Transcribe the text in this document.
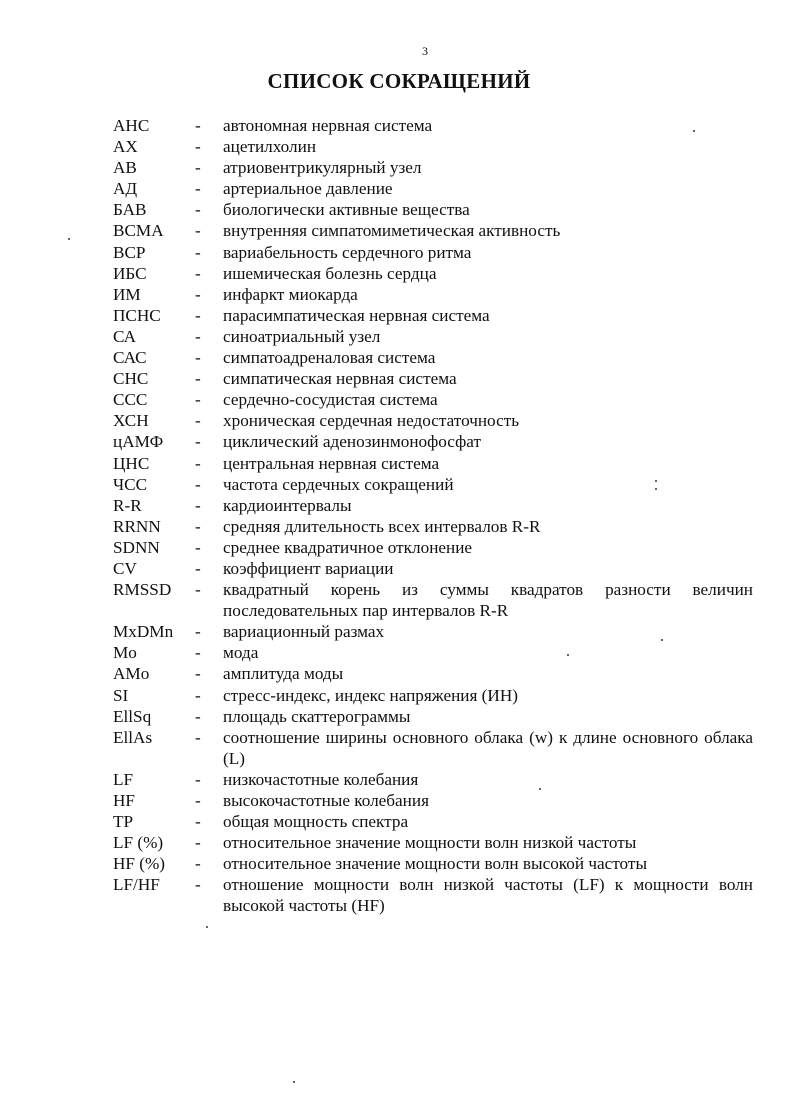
3
СПИСОК СОКРАЩЕНИЙ
АНС	-	автономная нервная система
АХ	-	ацетилхолин
АВ	-	атриовентрикулярный узел
АД	-	артериальное давление
БАВ	-	биологически активные вещества
ВСМА	-	внутренняя симпатомиметическая активность
ВСР	-	вариабельность сердечного ритма
ИБС	-	ишемическая болезнь сердца
ИМ	-	инфаркт миокарда
ПСНС	-	парасимпатическая нервная система
СА	-	синоатриальный узел
САС	-	симпатоадреналовая система
СНС	-	симпатическая нервная система
ССС	-	сердечно-сосудистая система
ХСН	-	хроническая сердечная недостаточность
цАМФ	-	циклический аденозинмонофосфат
ЦНС	-	центральная нервная система
ЧСС	-	частота сердечных сокращений
R-R	-	кардиоинтервалы
RRNN	-	средняя длительность всех интервалов R-R
SDNN	-	среднее квадратичное отклонение
CV	-	коэффициент вариации
RMSSD	-	квадратный корень из суммы квадратов разности величин последовательных пар интервалов R-R
MxDMn	-	вариационный размах
Mo	-	мода
AMo	-	амплитуда моды
SI	-	стресс-индекс, индекс напряжения (ИН)
EllSq	-	площадь скаттерограммы
EllAs	-	соотношение ширины основного облака (w) к длине основного облака (L)
LF	-	низкочастотные колебания
HF	-	высокочастотные колебания
TP	-	общая мощность спектра
LF (%)	-	относительное значение мощности волн низкой частоты
HF (%)	-	относительное значение мощности волн высокой частоты
LF/HF	-	отношение мощности волн низкой частоты (LF) к мощности волн высокой частоты (HF)
